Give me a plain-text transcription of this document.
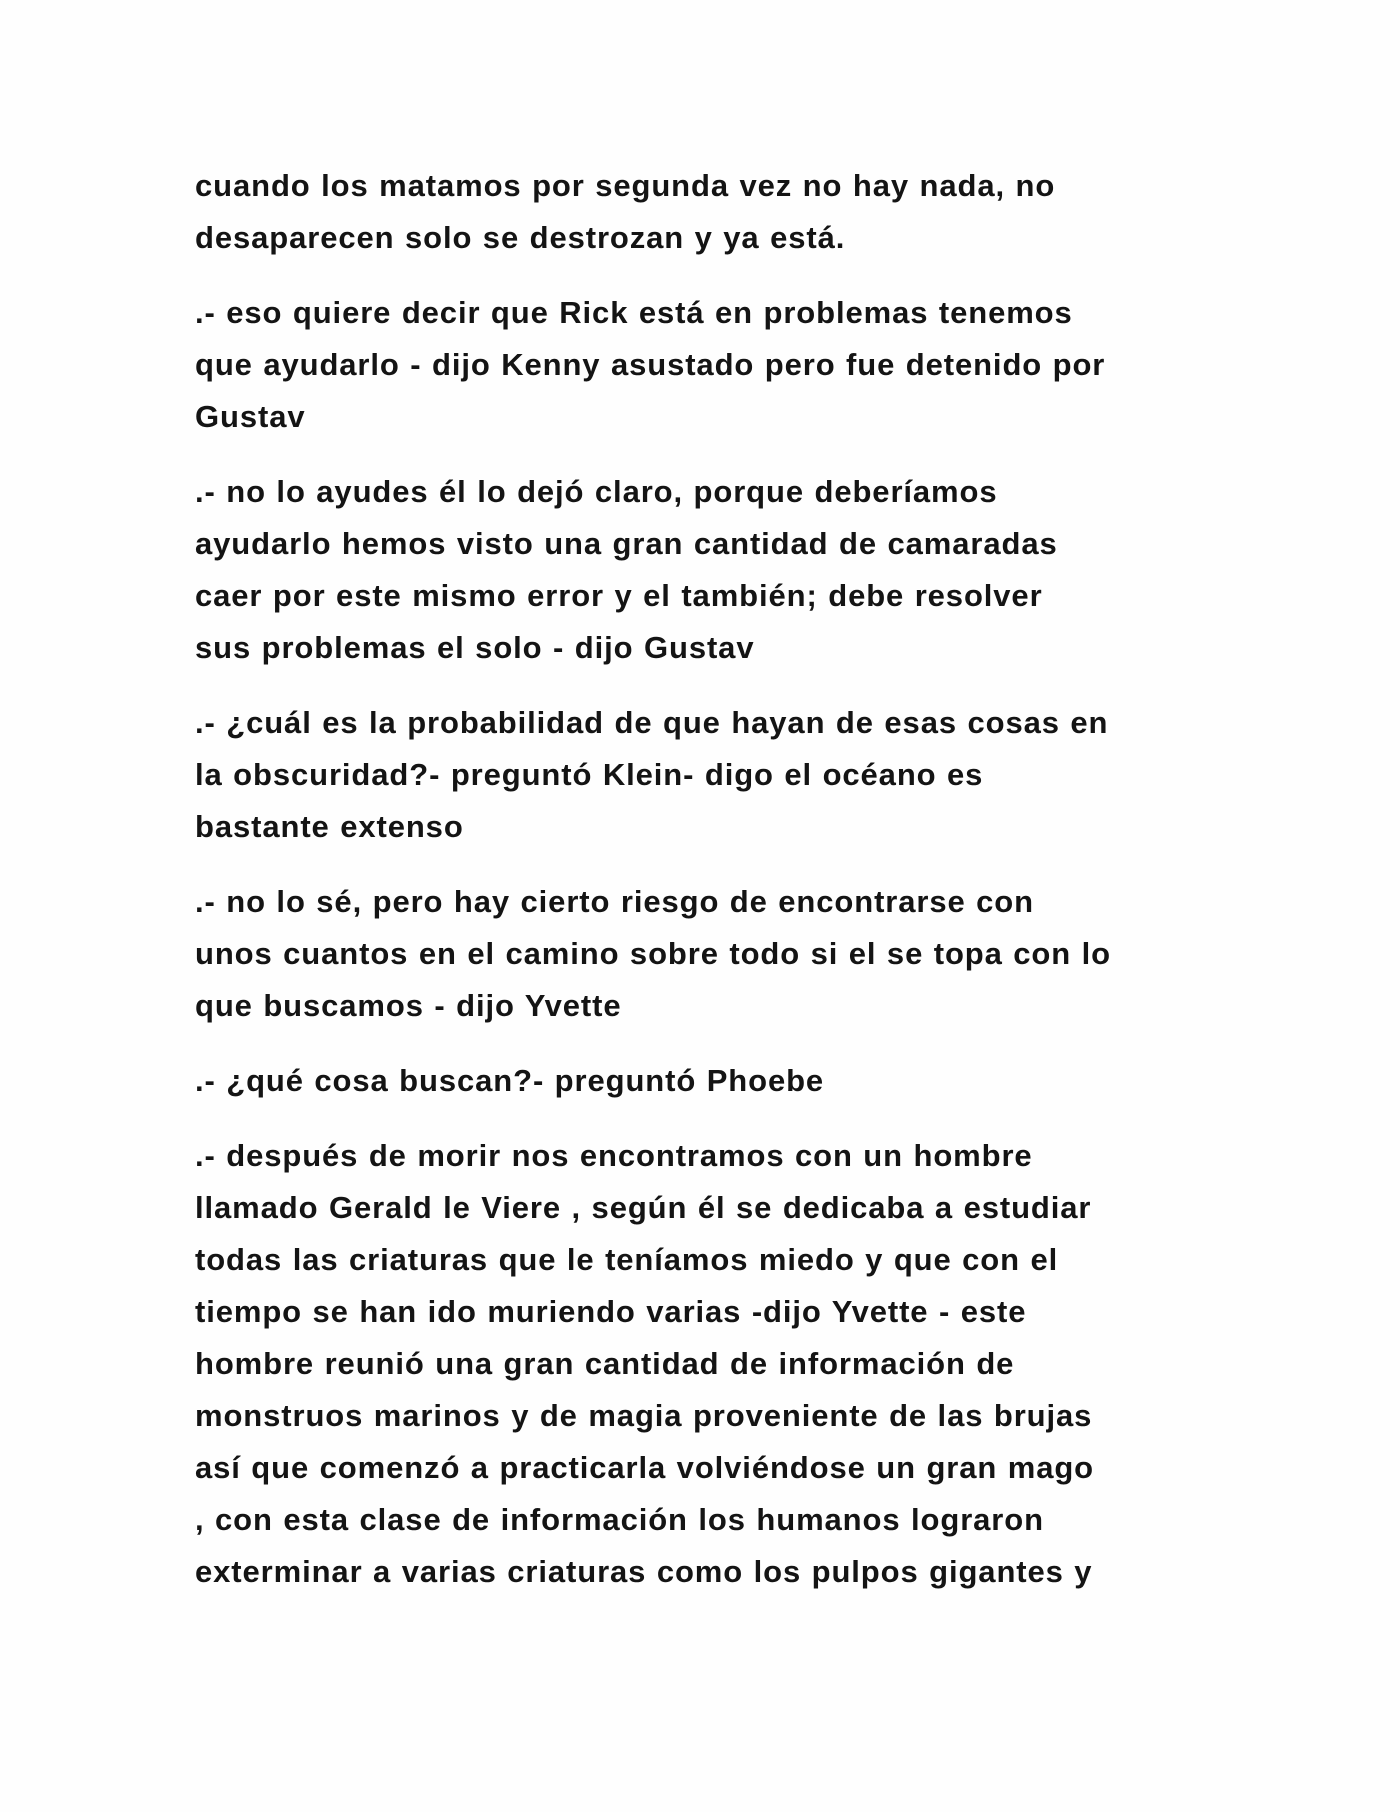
cuando los matamos por segunda vez no hay nada, no
desaparecen solo se destrozan y ya está.

.- eso quiere decir que Rick está en problemas tenemos
que ayudarlo - dijo Kenny asustado pero fue detenido por
Gustav

.- no lo ayudes él lo dejó claro, porque deberíamos
ayudarlo hemos visto una gran cantidad de camaradas
caer por este mismo error y el también; debe resolver
sus problemas el solo - dijo Gustav

.- ¿cuál es la probabilidad de que hayan de esas cosas en
la obscuridad?- preguntó Klein- digo el océano es
bastante extenso

.- no lo sé, pero hay cierto riesgo de encontrarse con
unos cuantos en el camino sobre todo si el se topa con lo
que buscamos - dijo Yvette

.- ¿qué cosa buscan?- preguntó Phoebe

.- después de morir nos encontramos con un hombre
llamado Gerald le Viere , según él se dedicaba a estudiar
todas las criaturas que le teníamos miedo y que con el
tiempo se han ido muriendo varias -dijo Yvette - este
hombre reunió una gran cantidad de información de
monstruos marinos y de magia proveniente de las brujas
así que comenzó a practicarla volviéndose un gran mago
, con esta clase de información los humanos lograron
exterminar a varias criaturas como los pulpos gigantes y
